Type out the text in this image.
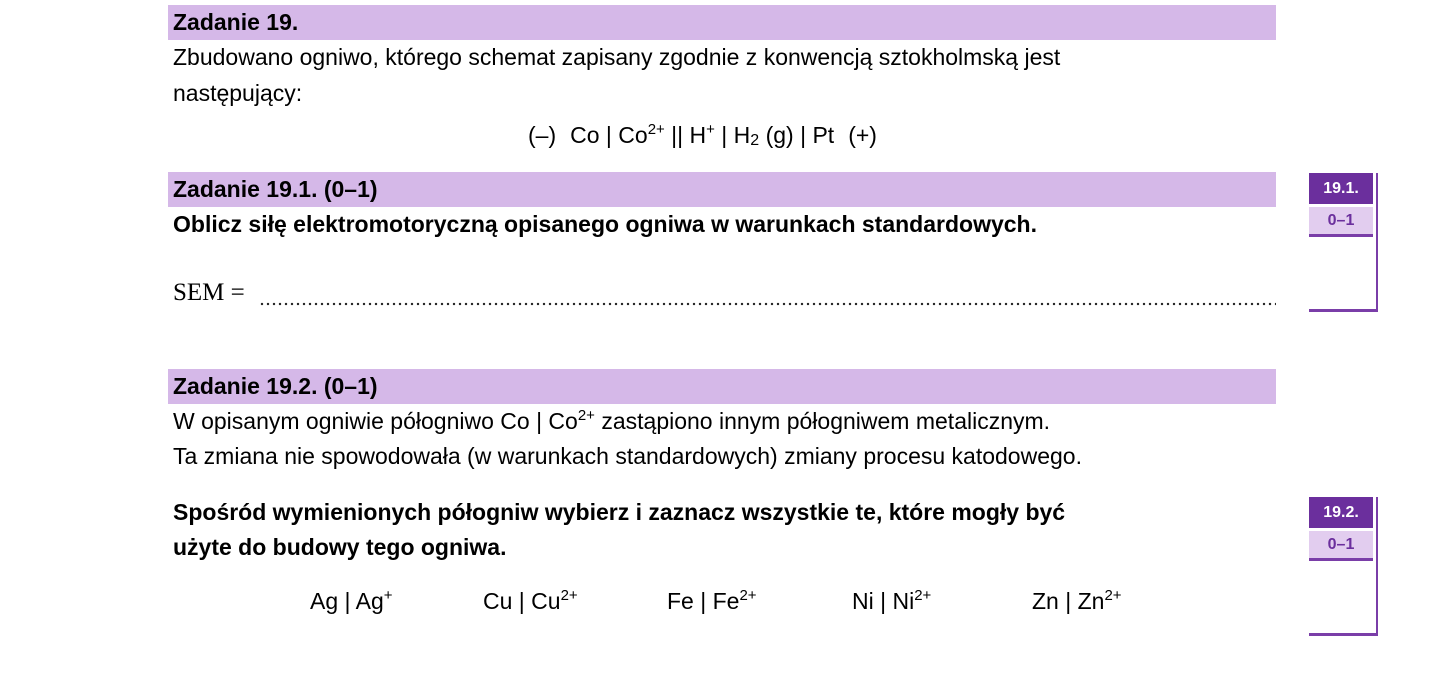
Zadanie 19.
Zbudowano ogniwo, którego schemat zapisany zgodnie z konwencją sztokholmską jest
następujący:
(–) Co | $Co^{2+}$ || H+ | $H_2$ (g) | Pt (+)
Zadanie 19.1. (0–1)
Oblicz siłę elektromotoryczną opisanego ogniwa w warunkach standardowych.
SEM =
19.1.
0–1
Zadanie 19.2. (0–1)
W opisanym ogniwie półogniwo Co | $Co^{2+}$ zastąpiono innym półogniwem metalicznym.
Ta zmiana nie spowodowała (w warunkach standardowych) zmiany procesu katodowego.
Spośród wymienionych półogniw wybierz i zaznacz wszystkie te, które mogły być
użyte do budowy tego ogniwa.
Ag | Ag+	Cu | $Cu^{2+}$	Fe | $Fe^{2+}$	Ni | $Ni^{2+}$	Zn | $Zn^{2+}$
19.2.
0–1
